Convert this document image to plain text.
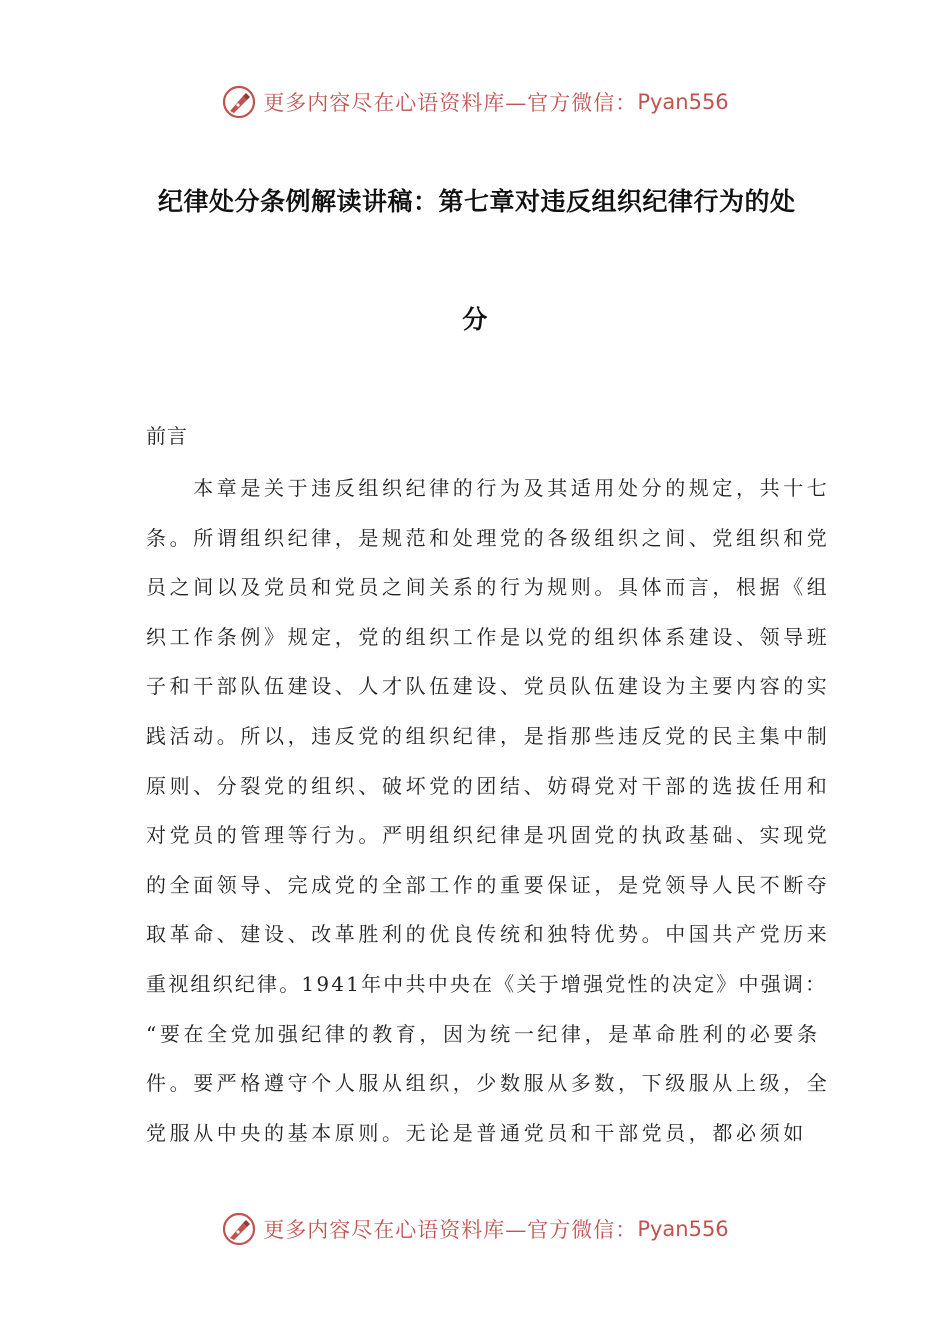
更多内容尽在心语资料库—官方微信： Pyan556
纪律处分条例解读讲稿：第七章对违反组织纪律行为的处
分
前言
　　本章是关于违反组织纪律的行为及其适用处分的规定，共十七
条。所谓组织纪律，是规范和处理党的各级组织之间、党组织和党
员之间以及党员和党员之间关系的行为规则。具体而言，根据《组
织工作条例》规定，党的组织工作是以党的组织体系建设、领导班
子和干部队伍建设、人才队伍建设、党员队伍建设为主要内容的实
践活动。所以，违反党的组织纪律，是指那些违反党的民主集中制
原则、分裂党的组织、破坏党的团结、妨碍党对干部的选拔任用和
对党员的管理等行为。严明组织纪律是巩固党的执政基础、实现党
的全面领导、完成党的全部工作的重要保证，是党领导人民不断夺
取革命、建设、改革胜利的优良传统和独特优势。中国共产党历来
重视组织纪律。1941年中共中央在《关于增强党性的决定》中强调：
“要在全党加强纪律的教育，因为统一纪律，是革命胜利的必要条
件。要严格遵守个人服从组织，少数服从多数，下级服从上级，全
党服从中央的基本原则。无论是普通党员和干部党员，都必须如
更多内容尽在心语资料库—官方微信： Pyan556
